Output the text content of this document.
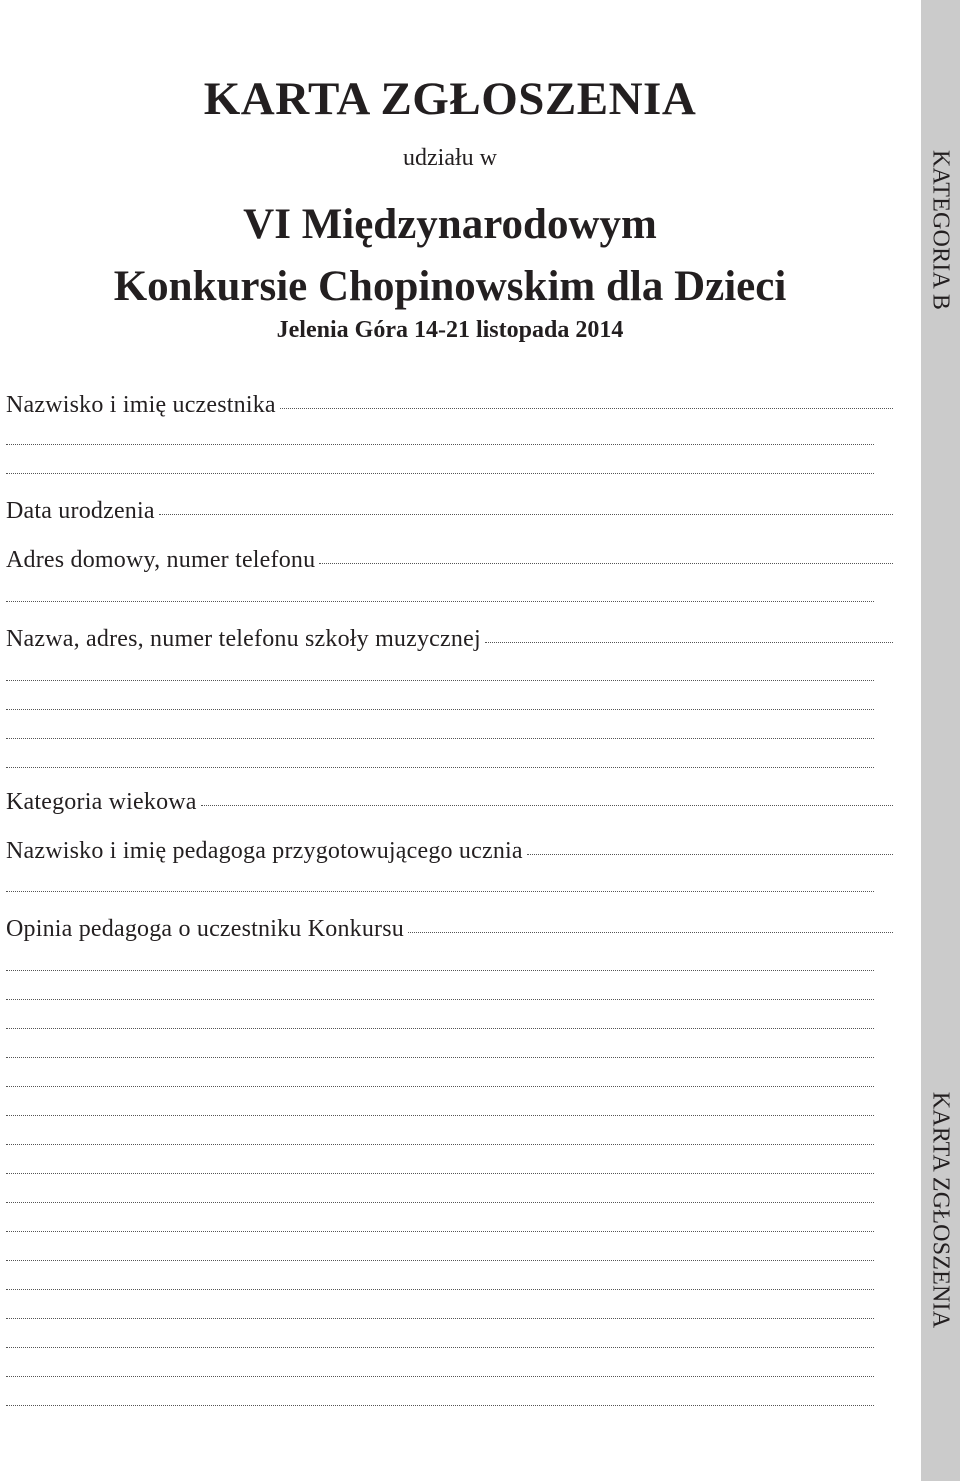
KATEGORIA B
KARTA ZGŁOSZENIA
KARTA ZGŁOSZENIA
udziału w
VI Międzynarodowym
Konkursie Chopinowskim dla Dzieci
Jelenia Góra 14-21 listopada 2014
Nazwisko i imię uczestnika
Data urodzenia
Adres domowy, numer telefonu
Nazwa, adres, numer telefonu szkoły muzycznej
Kategoria wiekowa
Nazwisko i imię pedagoga przygotowującego ucznia
Opinia pedagoga o uczestniku Konkursu
